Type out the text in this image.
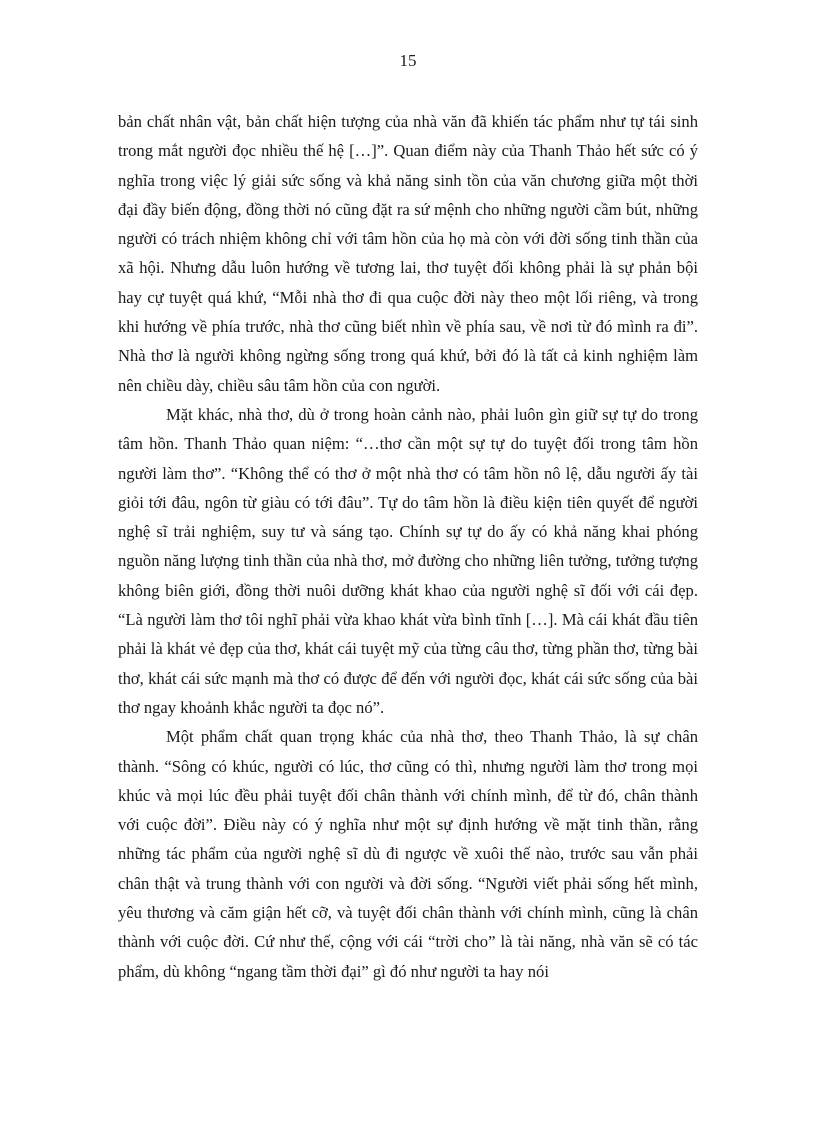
15

bản chất nhân vật, bản chất hiện tượng của nhà văn đã khiến tác phẩm như tự tái sinh trong mắt người đọc nhiều thế hệ […]”. Quan điểm này của Thanh Thảo hết sức có ý nghĩa trong việc lý giải sức sống và khả năng sinh tồn của văn chương giữa một thời đại đầy biến động, đồng thời nó cũng đặt ra sứ mệnh cho những người cầm bút, những người có trách nhiệm không chỉ với tâm hồn của họ mà còn với đời sống tinh thần của xã hội. Nhưng dẫu luôn hướng về tương lai, thơ tuyệt đối không phải là sự phản bội hay cự tuyệt quá khứ, “Mỗi nhà thơ đi qua cuộc đời này theo một lối riêng, và trong khi hướng về phía trước, nhà thơ cũng biết nhìn về phía sau, về nơi từ đó mình ra đi”. Nhà thơ là người không ngừng sống trong quá khứ, bởi đó là tất cả kinh nghiệm làm nên chiều dày, chiều sâu tâm hồn của con người.

Mặt khác, nhà thơ, dù ở trong hoàn cảnh nào, phải luôn gìn giữ sự tự do trong tâm hồn. Thanh Thảo quan niệm: “…thơ cần một sự tự do tuyệt đối trong tâm hồn người làm thơ”. “Không thể có thơ ở một nhà thơ có tâm hồn nô lệ, dẫu người ấy tài giỏi tới đâu, ngôn từ giàu có tới đâu”. Tự do tâm hồn là điều kiện tiên quyết để người nghệ sĩ trải nghiệm, suy tư và sáng tạo. Chính sự tự do ấy có khả năng khai phóng nguồn năng lượng tinh thần của nhà thơ, mở đường cho những liên tưởng, tưởng tượng không biên giới, đồng thời nuôi dưỡng khát khao của người nghệ sĩ đối với cái đẹp. “Là người làm thơ tôi nghĩ phải vừa khao khát vừa bình tĩnh […]. Mà cái khát đầu tiên phải là khát vẻ đẹp của thơ, khát cái tuyệt mỹ của từng câu thơ, từng phần thơ, từng bài thơ, khát cái sức mạnh mà thơ có được để đến với người đọc, khát cái sức sống của bài thơ ngay khoảnh khắc người ta đọc nó”.

Một phẩm chất quan trọng khác của nhà thơ, theo Thanh Thảo, là sự chân thành. “Sông có khúc, người có lúc, thơ cũng có thì, nhưng người làm thơ trong mọi khúc và mọi lúc đều phải tuyệt đối chân thành với chính mình, để từ đó, chân thành với cuộc đời”. Điều này có ý nghĩa như một sự định hướng về mặt tinh thần, rằng những tác phẩm của người nghệ sĩ dù đi ngược về xuôi thế nào, trước sau vẫn phải chân thật và trung thành với con người và đời sống. “Người viết phải sống hết mình, yêu thương và căm giận hết cỡ, và tuyệt đối chân thành với chính mình, cũng là chân thành với cuộc đời. Cứ như thế, cộng với cái “trời cho” là tài năng, nhà văn sẽ có tác phẩm, dù không “ngang tầm thời đại” gì đó như người ta hay nói
